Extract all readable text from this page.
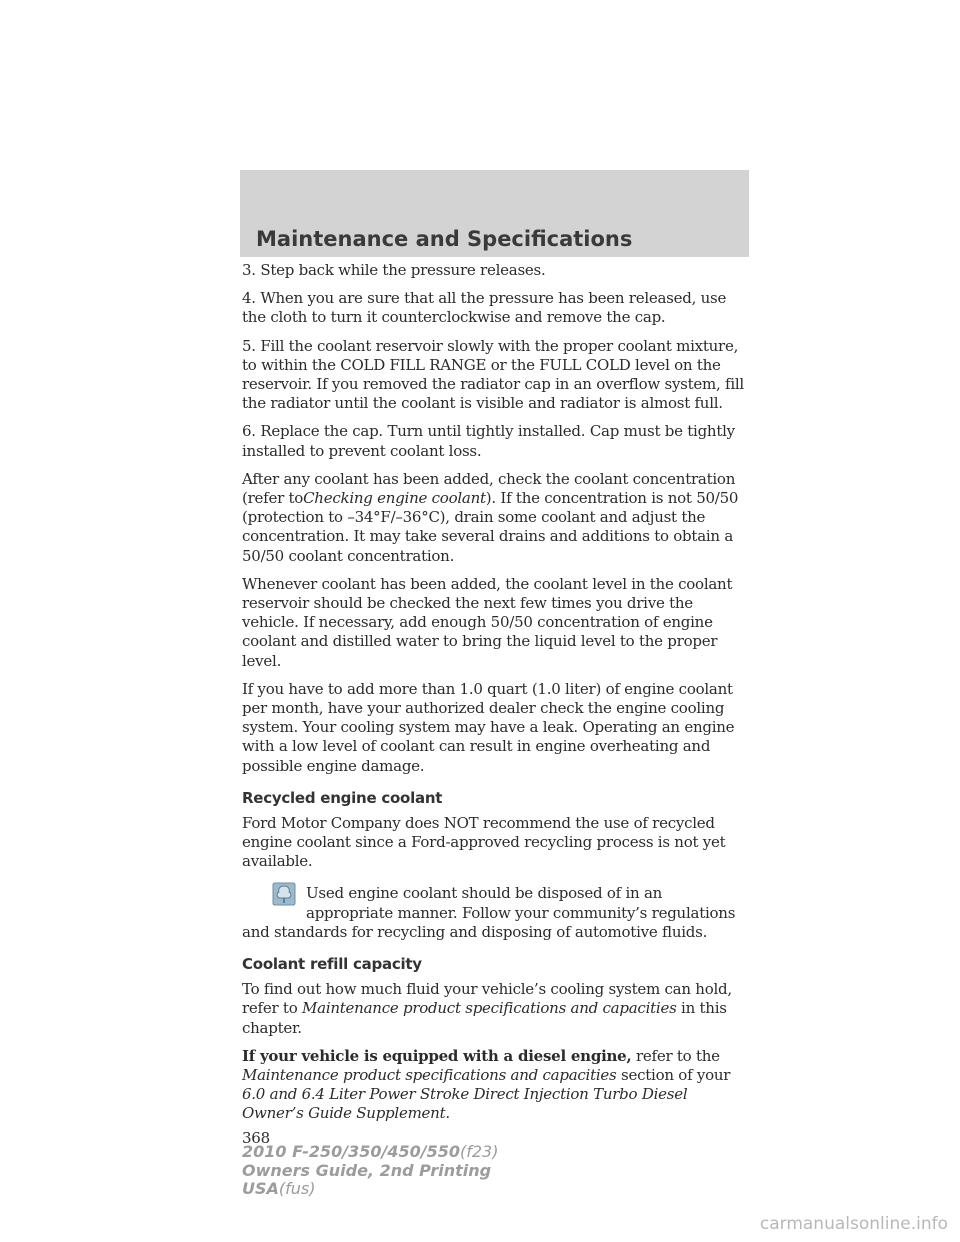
Maintenance and Specifications

3. Step back while the pressure releases.

4. When you are sure that all the pressure has been released, use the cloth to turn it counterclockwise and remove the cap.

5. Fill the coolant reservoir slowly with the proper coolant mixture, to within the COLD FILL RANGE or the FULL COLD level on the reservoir. If you removed the radiator cap in an overflow system, fill the radiator until the coolant is visible and radiator is almost full.

6. Replace the cap. Turn until tightly installed. Cap must be tightly installed to prevent coolant loss.

After any coolant has been added, check the coolant concentration (refer toChecking engine coolant). If the concentration is not 50/50 (protection to –34°F/–36°C), drain some coolant and adjust the concentration. It may take several drains and additions to obtain a 50/50 coolant concentration.

Whenever coolant has been added, the coolant level in the coolant reservoir should be checked the next few times you drive the vehicle. If necessary, add enough 50/50 concentration of engine coolant and distilled water to bring the liquid level to the proper level.

If you have to add more than 1.0 quart (1.0 liter) of engine coolant per month, have your authorized dealer check the engine cooling system. Your cooling system may have a leak. Operating an engine with a low level of coolant can result in engine overheating and possible engine damage.

Recycled engine coolant

Ford Motor Company does NOT recommend the use of recycled engine coolant since a Ford-approved recycling process is not yet available.

Used engine coolant should be disposed of in an appropriate manner. Follow your community’s regulations and standards for recycling and disposing of automotive fluids.

Coolant refill capacity

To find out how much fluid your vehicle’s cooling system can hold, refer to Maintenance product specifications and capacities in this chapter.

If your vehicle is equipped with a diesel engine, refer to the Maintenance product specifications and capacities section of your 6.0 and 6.4 Liter Power Stroke Direct Injection Turbo Diesel Owner’s Guide Supplement.

368
2010 F-250/350/450/550(f23)
Owners Guide, 2nd Printing
USA(fus)
carmanualsonline.info
